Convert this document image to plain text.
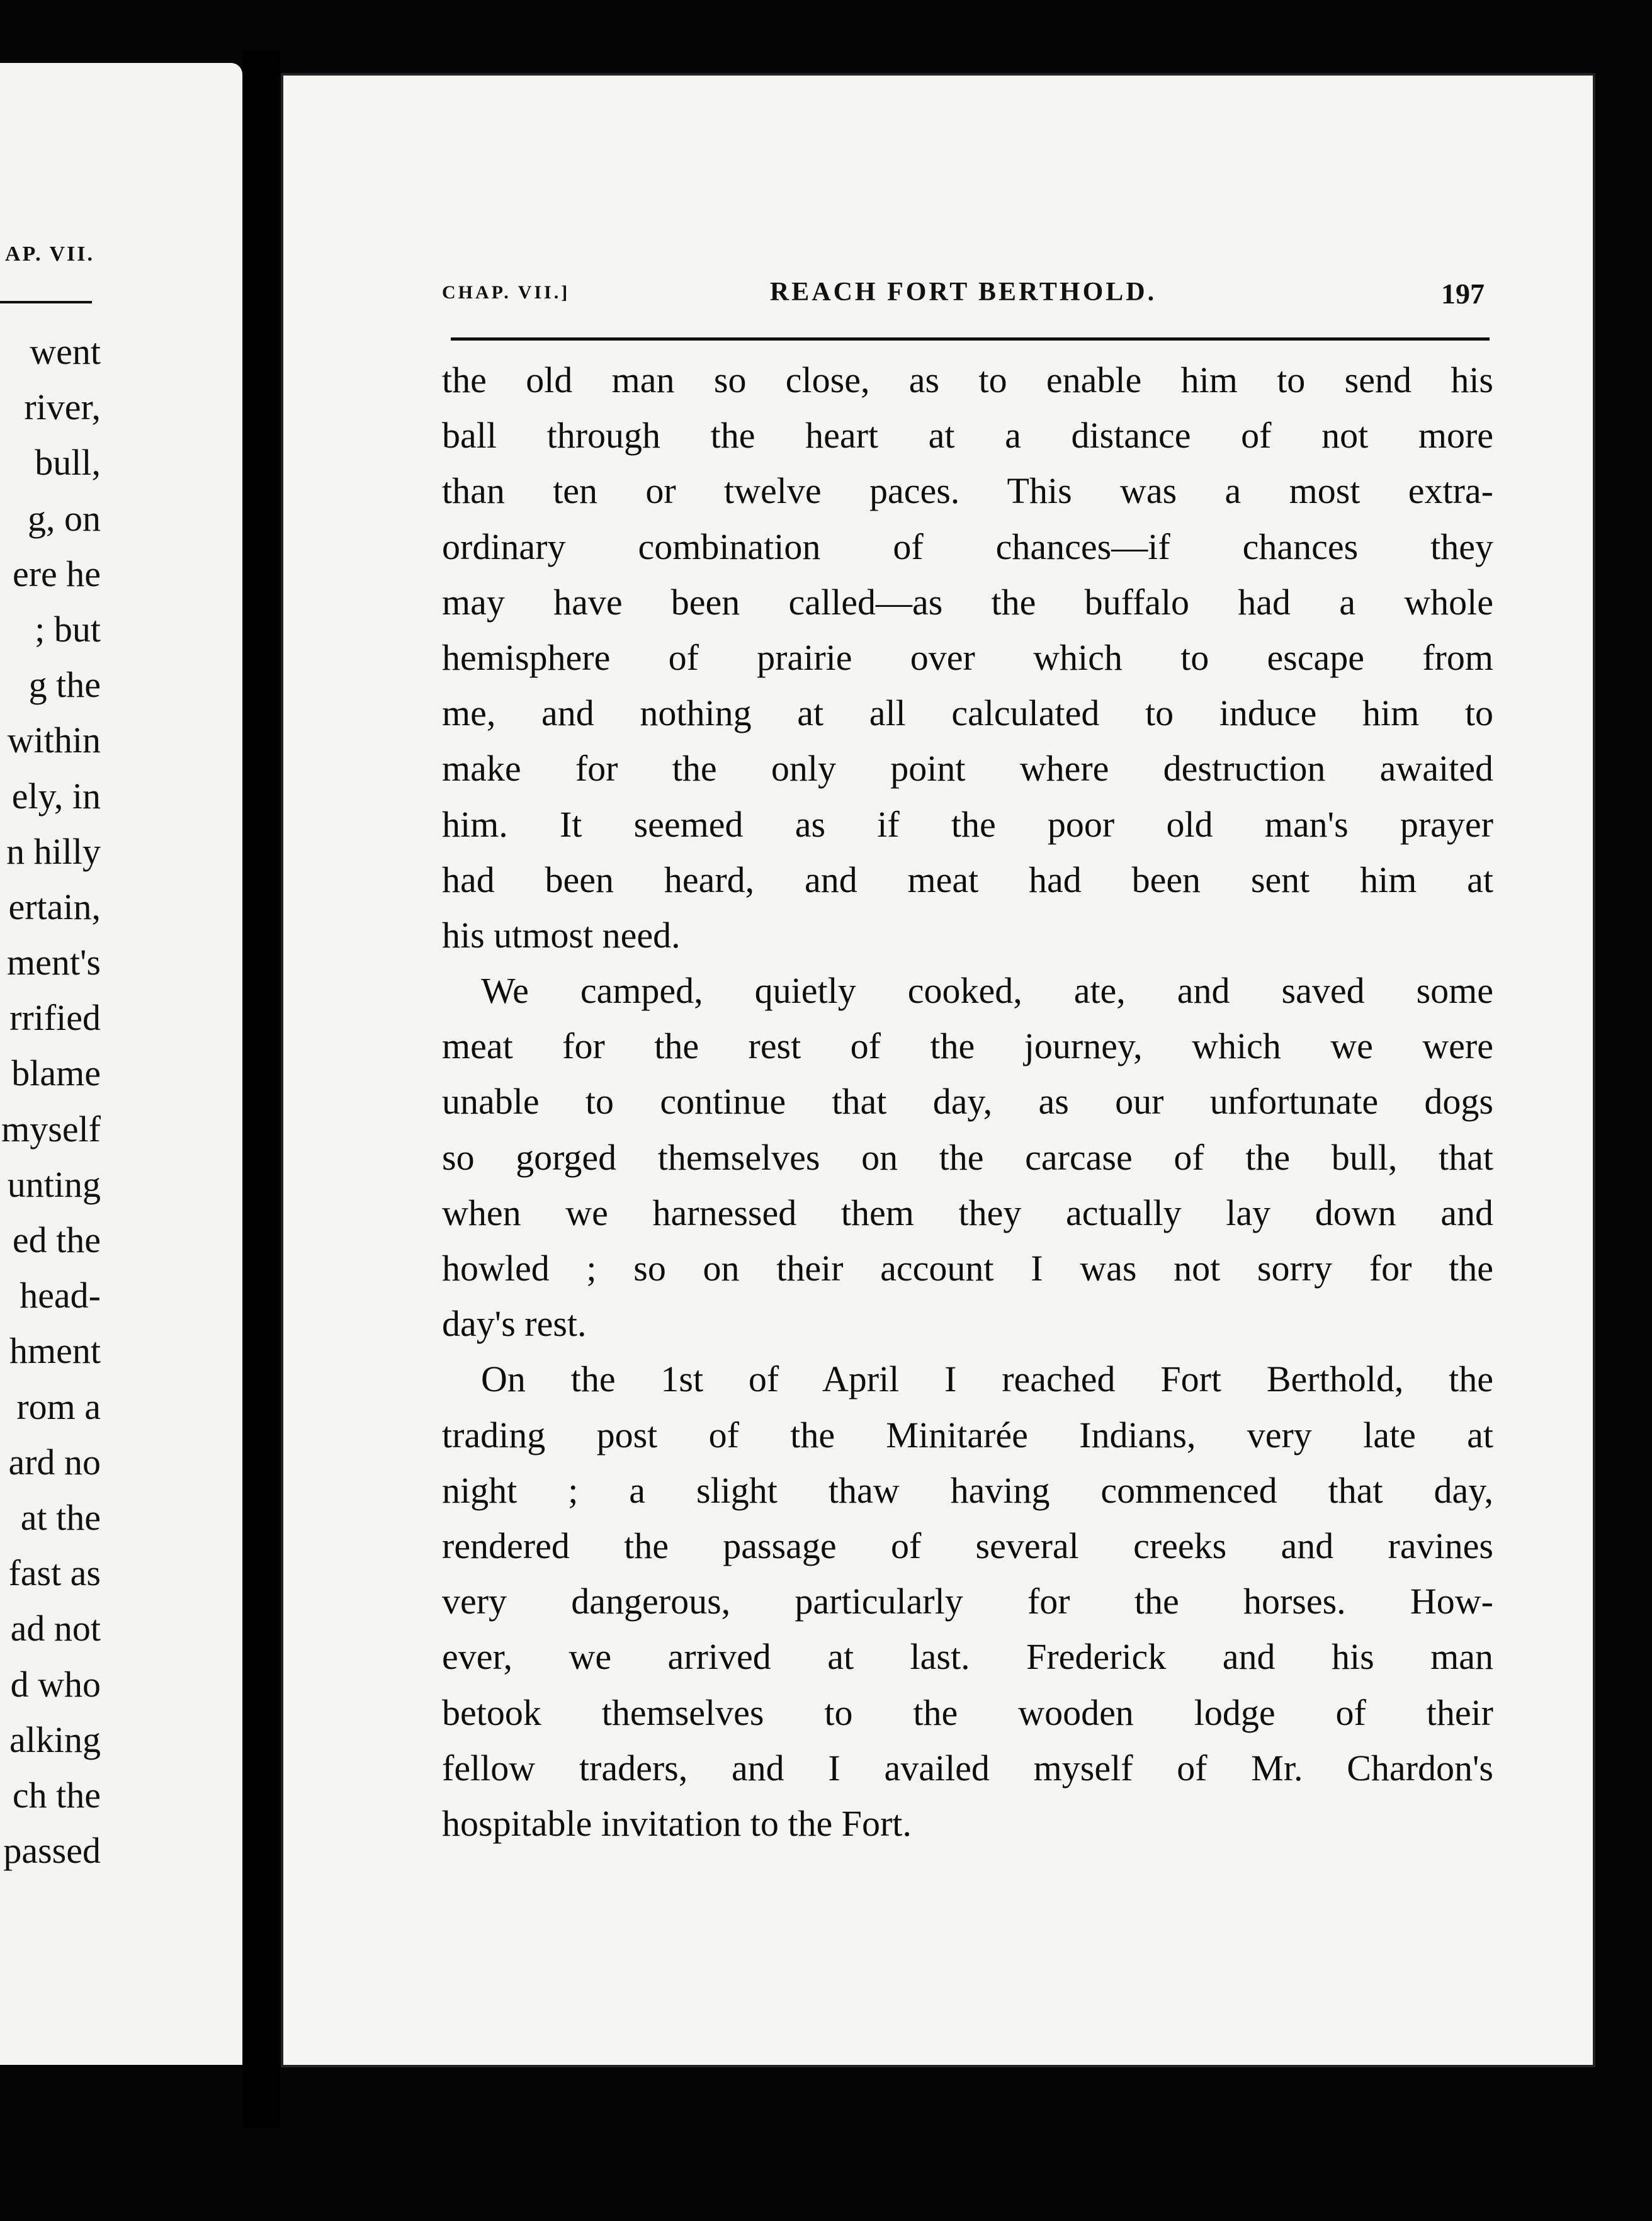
AP. VII.
went
river,
bull,
g, on
ere he
; but
g the
within
ely, in
n hilly
ertain,
ment's
rrified
blame
myself
unting
ed the
head-
hment
rom a
ard no
at the
fast as
ad not
d who
alking
ch the
passed
CHAP. VII.]	REACH FORT BERTHOLD.	197
the old man so close, as to enable him to send his
ball through the heart at a distance of not more
than ten or twelve paces. This was a most extra-
ordinary combination of chances—if chances they
may have been called—as the buffalo had a whole
hemisphere of prairie over which to escape from
me, and nothing at all calculated to induce him to
make for the only point where destruction awaited
him. It seemed as if the poor old man's prayer
had been heard, and meat had been sent him at
his utmost need.
We camped, quietly cooked, ate, and saved some
meat for the rest of the journey, which we were
unable to continue that day, as our unfortunate dogs
so gorged themselves on the carcase of the bull, that
when we harnessed them they actually lay down and
howled ; so on their account I was not sorry for the
day's rest.
On the 1st of April I reached Fort Berthold, the
trading post of the Minitarée Indians, very late at
night ; a slight thaw having commenced that day,
rendered the passage of several creeks and ravines
very dangerous, particularly for the horses. How-
ever, we arrived at last. Frederick and his man
betook themselves to the wooden lodge of their
fellow traders, and I availed myself of Mr. Chardon's
hospitable invitation to the Fort.
